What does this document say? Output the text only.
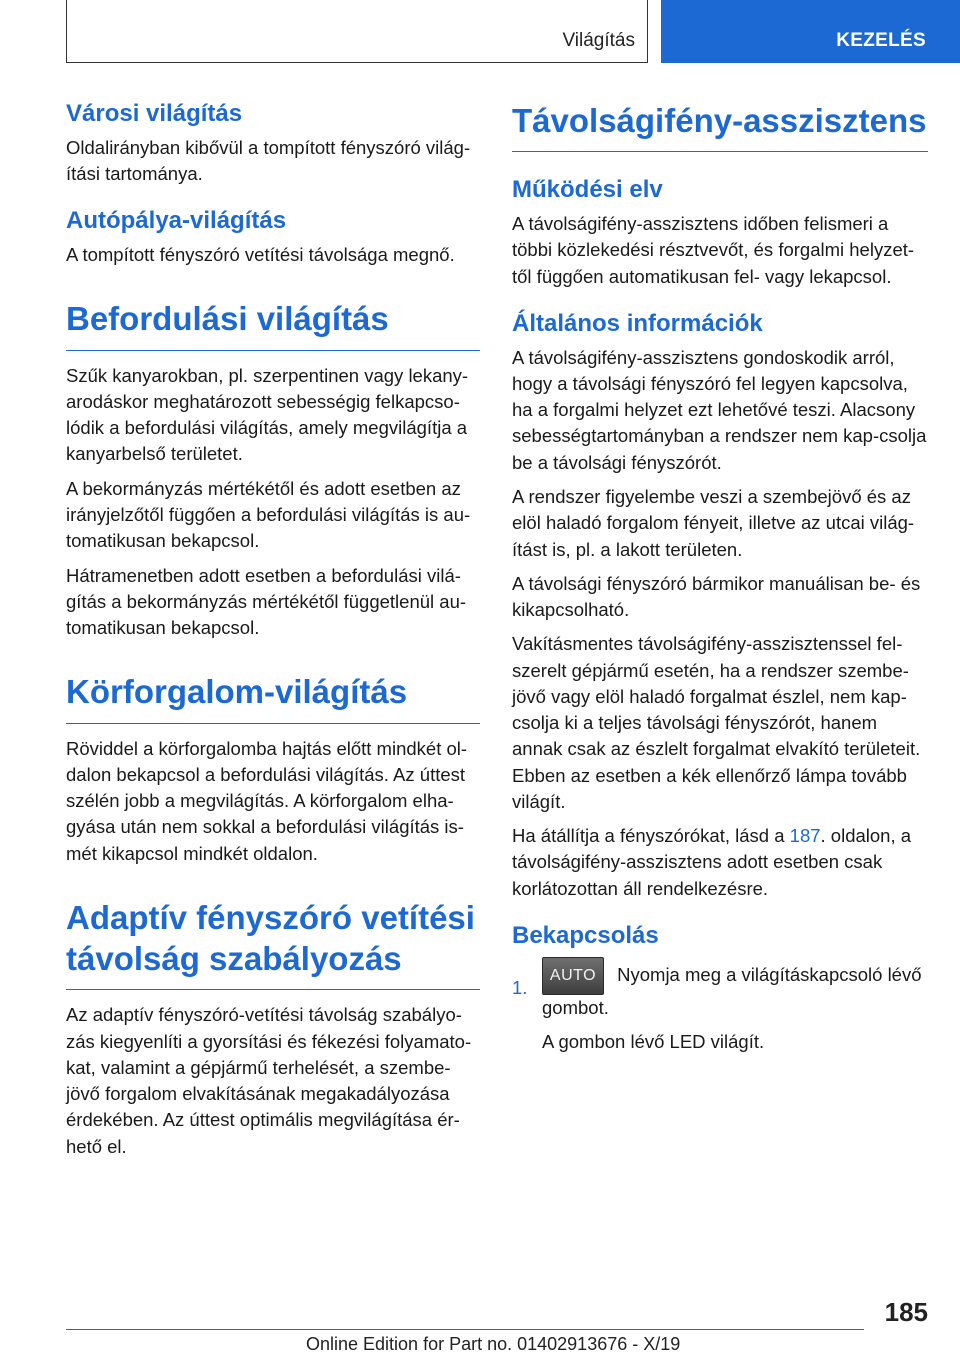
Világítás	KEZELÉS
Városi világítás

Oldalirányban kibővül a tompított fényszóró világ-ítási tartománya.

Autópálya-világítás

A tompított fényszóró vetítési távolsága megnő.

Befordulási világítás

Szűk kanyarokban, pl. szerpentinen vagy lekany-arodáskor meghatározott sebességig felkapcso-lódik a befordulási világítás, amely megvilágítja a kanyarbelső területet.

A bekormányzás mértékétől és adott esetben az irányjelzőtől függően a befordulási világítás is au-tomatikusan bekapcsol.

Hátramenetben adott esetben a befordulási vilá-gítás a bekormányzás mértékétől függetlenül au-tomatikusan bekapcsol.

Körforgalom-világítás

Röviddel a körforgalomba hajtás előtt mindkét ol-dalon bekapcsol a befordulási világítás. Az úttest szélén jobb a megvilágítás. A körforgalom elha-gyása után nem sokkal a befordulási világítás is-mét kikapcsol mindkét oldalon.

Adaptív fényszóró vetítési távolság szabályozás

Az adaptív fényszóró-vetítési távolság szabályo-zás kiegyenlíti a gyorsítási és fékezési folyamato-kat, valamint a gépjármű terhelését, a szembe-jövő forgalom elvakításának megakadályozása érdekében. Az úttest optimális megvilágítása ér-hető el.

Távolságifény-asszisztens
Működési elv

A távolságifény-asszisztens időben felismeri a többi közlekedési résztvevőt, és forgalmi helyzet-től függően automatikusan fel- vagy lekapcsol.

Általános információk

A távolságifény-asszisztens gondoskodik arról, hogy a távolsági fényszóró fel legyen kapcsolva, ha a forgalmi helyzet ezt lehetővé teszi. Alacsony sebességtartományban a rendszer nem kap-csolja be a távolsági fényszórót.

A rendszer figyelembe veszi a szembejövő és az elöl haladó forgalom fényeit, illetve az utcai világ-ítást is, pl. a lakott területen.

A távolsági fényszóró bármikor manuálisan be- és kikapcsolható.

Vakításmentes távolságifény-asszisztenssel fel-szerelt gépjármű esetén, ha a rendszer szembe-jövő vagy elöl haladó forgalmat észlel, nem kap-csolja ki a teljes távolsági fényszórót, hanem annak csak az észlelt forgalmat elvakító területeit. Ebben az esetben a kék ellenőrző lámpa tovább világít.

Ha átállítja a fényszórókat, lásd a 187. oldalon, a távolságifény-asszisztens adott esetben csak korlátozottan áll rendelkezésre.

Bekapcsolás
1.

AUTO Nyomja meg a világításkapcsoló lévő gombot.

A gombon lévő LED világít.

185
Online Edition for Part no. 01402913676 - X/19
